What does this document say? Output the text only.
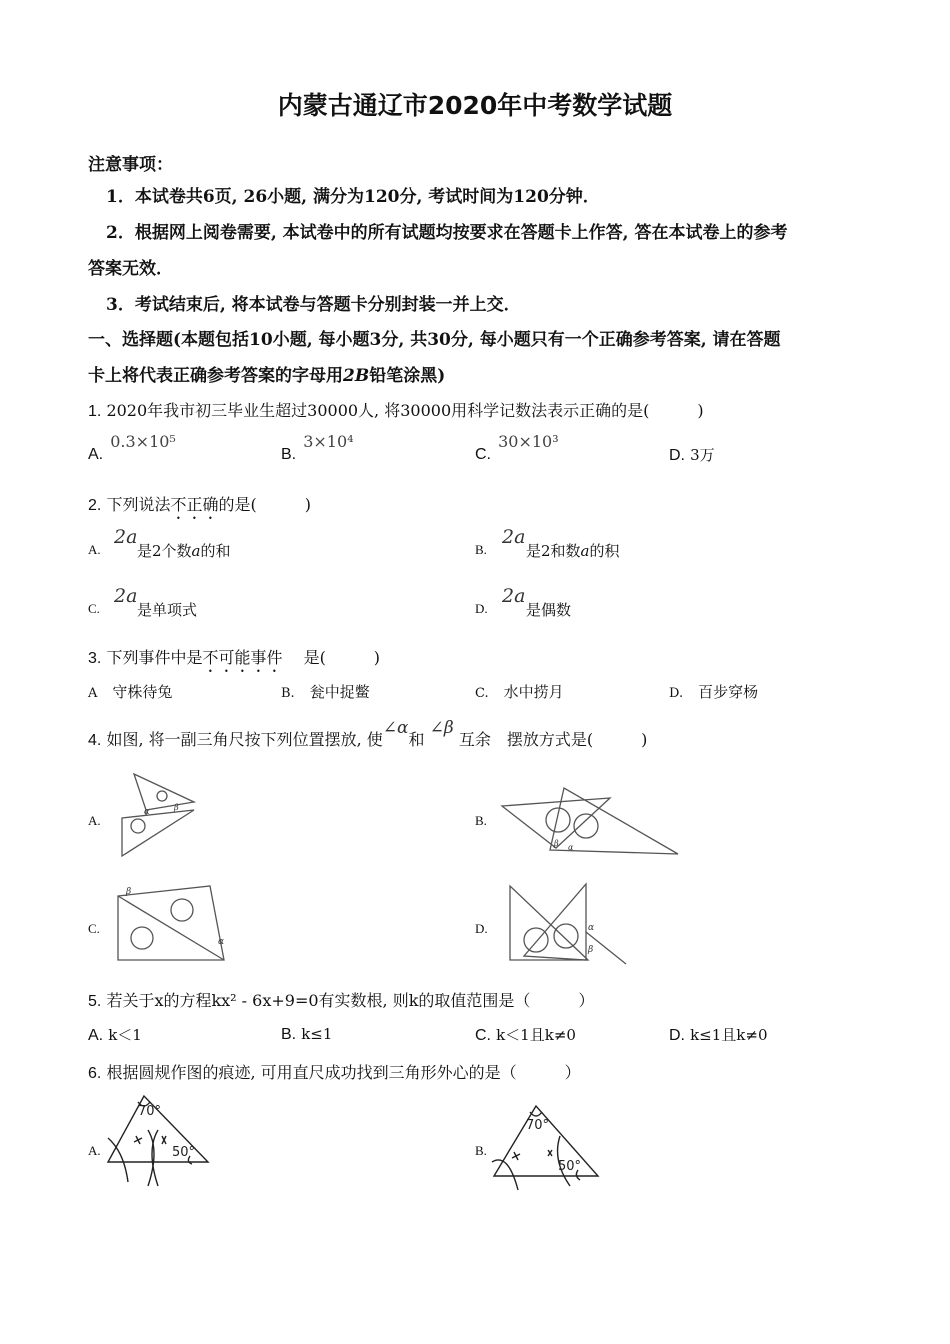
内蒙古通辽市2020年中考数学试题
注意事项：
1．本试卷共6页, 26小题, 满分为120分, 考试时间为120分钟．
2．根据网上阅卷需要, 本试卷中的所有试题均按要求在答题卡上作答, 答在本试卷上的参考
答案无效．
3．考试结束后, 将本试卷与答题卡分别封装一并上交．
一、选择题(本题包括10小题, 每小题3分, 共30分, 每小题只有一个正确参考答案, 请在答题
卡上将代表正确参考答案的字母用2B铅笔涂黑)
1. 2020年我市初三毕业生超过30000人, 将30000用科学记数法表示正确的是(　　　)
A. 0.3×10⁵
B. 3×10⁴
C. 30×10³
D. 3万
2. 下列说法不正确的是(　　　)
A.
2a
是2个数a的和	B.
2a
是2和数a的积
C.
2a
是单项式	D.
2a
是偶数
3. 下列事件中是不可能事件　 是(　　　)
A　 守株待兔	B.　 瓮中捉鳖	C.　 水中捞月	D.　 百步穿杨
4. 如图, 将一副三角尺按下列位置摆放, 使∠α和 ∠β 互余　 摆放方式是(　　　)
A.
α	β
B.
β α
C.
β
α
D.	α
β
5. 若关于x的方程kx² - 6x+9=0有实数根, 则k的取值范围是（　　　）
A. k＜1	B. k≤1	C. k＜1且k≠0	D. k≤1且k≠0
6. 根据圆规作图的痕迹, 可用直尺成功找到三角形外心的是（　　　）
A.
70°
50°	B.
70°
50°
